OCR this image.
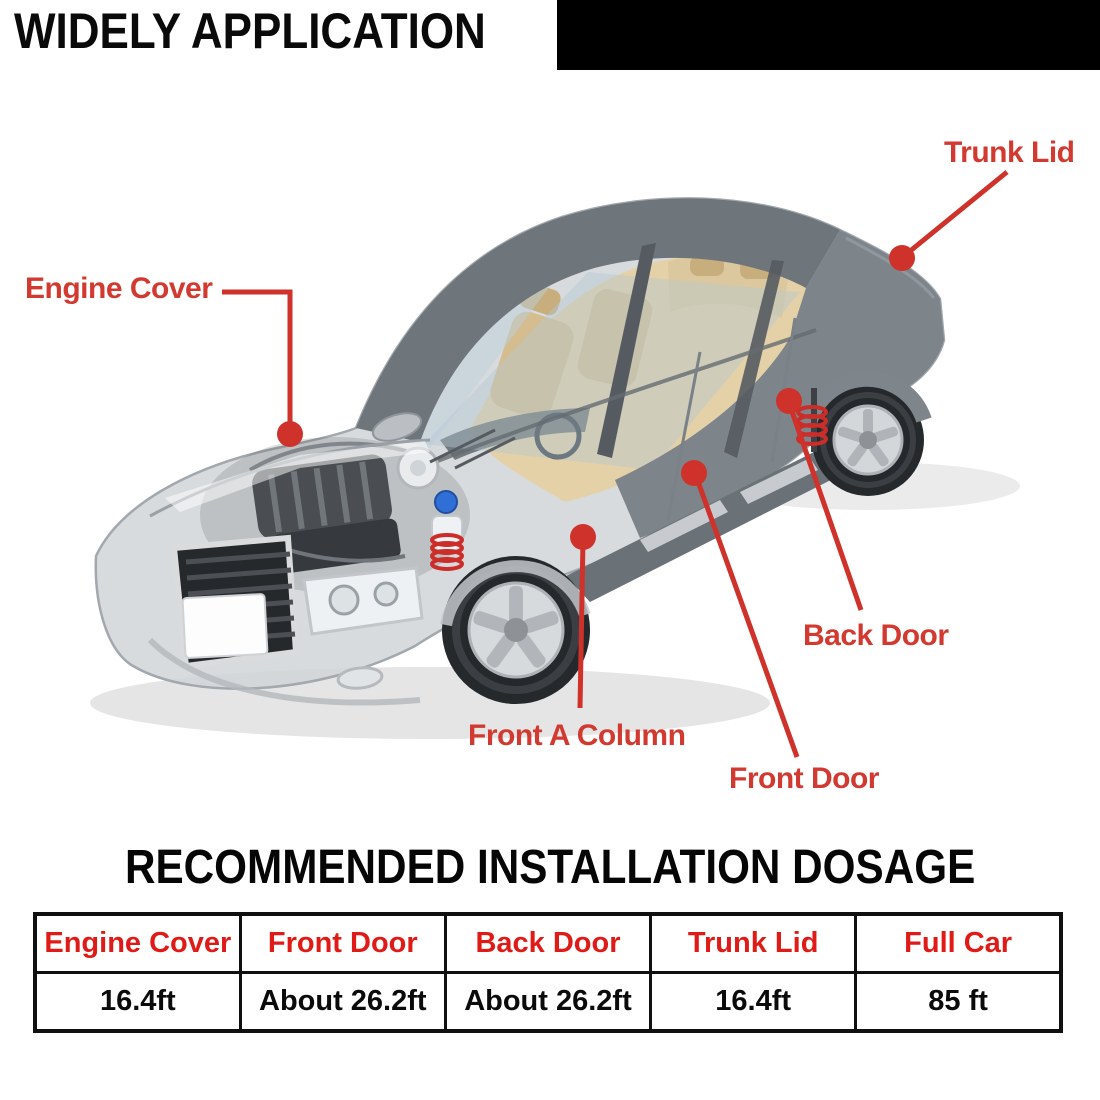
WIDELY APPLICATION
Engine Cover
Trunk Lid
Back Door
Front Door
Front A Column
RECOMMENDED INSTALLATION DOSAGE
Engine Cover	Front Door	Back Door	Trunk Lid	Full Car
16.4ft	About 26.2ft	About 26.2ft	16.4ft	85 ft
